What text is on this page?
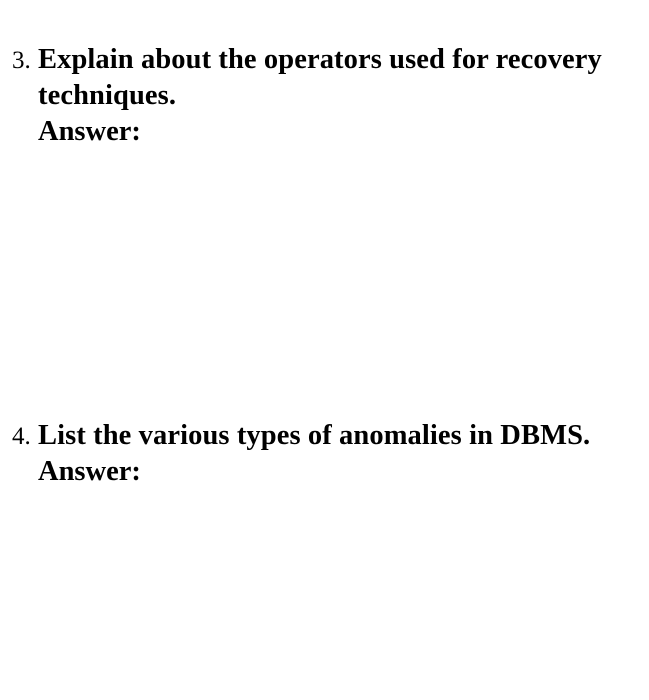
3. Explain about the operators used for recovery techniques.
Answer:
4. List the various types of anomalies in DBMS.
Answer:
